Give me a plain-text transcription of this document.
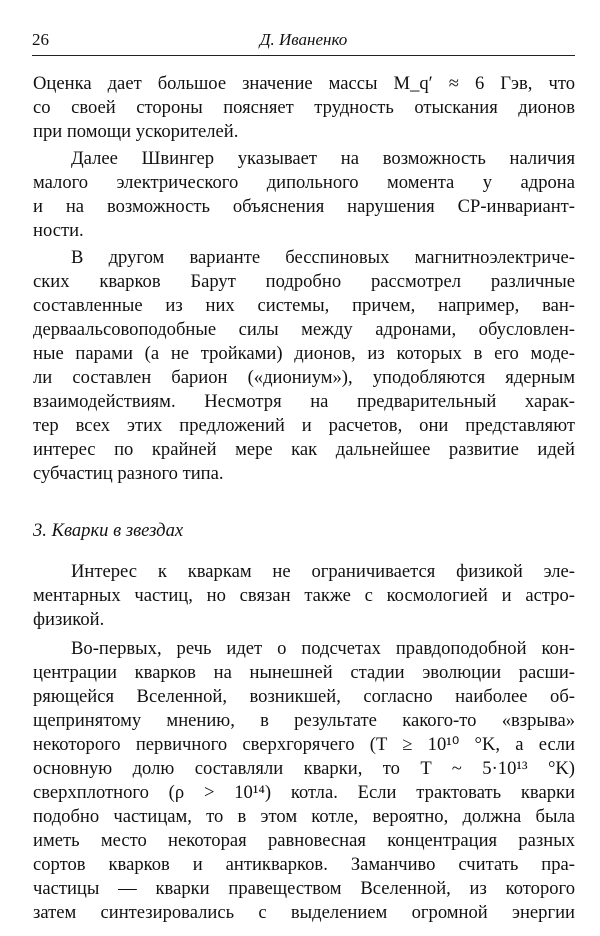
26	Д. Иваненко
Оценка дает большое значение массы M_q′ ≈ 6 Гэв, что
со своей стороны поясняет трудность отыскания дионов
при помощи ускорителей.
Далее Швингер указывает на возможность наличия
малого электрического дипольного момента у адрона
и на возможность объяснения нарушения CP-инвариант-
ности.
В другом варианте бесспиновых магнитноэлектриче-
ских кварков Барут подробно рассмотрел различные
составленные из них системы, причем, например, ван-
дерваальсовоподобные силы между адронами, обусловлен-
ные парами (а не тройками) дионов, из которых в его моде-
ли составлен барион («диониум»), уподобляются ядерным
взаимодействиям. Несмотря на предварительный харак-
тер всех этих предложений и расчетов, они представляют
интерес по крайней мере как дальнейшее развитие идей
субчастиц разного типа.
3. Кварки в звездах
Интерес к кваркам не ограничивается физикой эле-
ментарных частиц, но связан также с космологией и астро-
физикой.
Во-первых, речь идет о подсчетах правдоподобной кон-
центрации кварков на нынешней стадии эволюции расши-
ряющейся Вселенной, возникшей, согласно наиболее об-
щепринятому мнению, в результате какого-то «взрыва»
некоторого первичного сверхгорячего (T ≥ 10¹⁰ °K, а если
основную долю составляли кварки, то T ~ 5·10¹³ °K)
сверхплотного (ρ > 10¹⁴) котла. Если трактовать кварки
подобно частицам, то в этом котле, вероятно, должна была
иметь место некоторая равновесная концентрация разных
сортов кварков и антикварков. Заманчиво считать пра-
частицы — кварки правеществом Вселенной, из которого
затем синтезировались с выделением огромной энергии
